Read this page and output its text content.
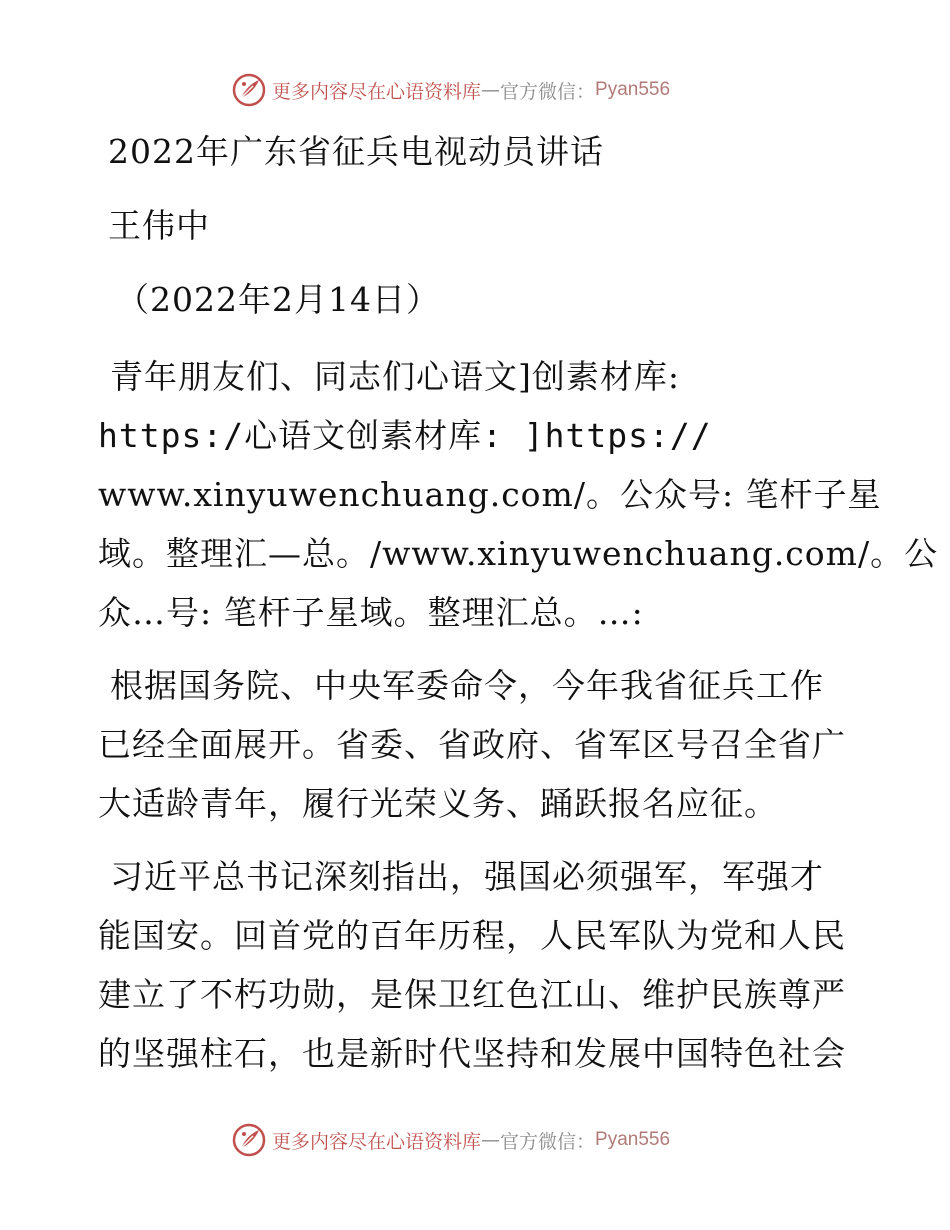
更多内容尽在心语资料库 — 官方微信： Pyan556

2022年广东省征兵电视动员讲话

王伟中

（2022年2月14日）

青年朋友们、同志们心语文]创素材库:

https:/心语文创素材库: ]https://

www.xinyuwenchuang.com/。公众号: 笔杆子星

域。整理汇—总。/www.xinyuwenchuang.com/。公

众…号: 笔杆子星域。整理汇总。…:

根据国务院、中央军委命令，今年我省征兵工作

已经全面展开。省委、省政府、省军区号召全省广

大适龄青年，履行光荣义务、踊跃报名应征。

习近平总书记深刻指出，强国必须强军，军强才

能国安。回首党的百年历程，人民军队为党和人民

建立了不朽功勋，是保卫红色江山、维护民族尊严

的坚强柱石，也是新时代坚持和发展中国特色社会

更多内容尽在心语资料库 — 官方微信： Pyan556
